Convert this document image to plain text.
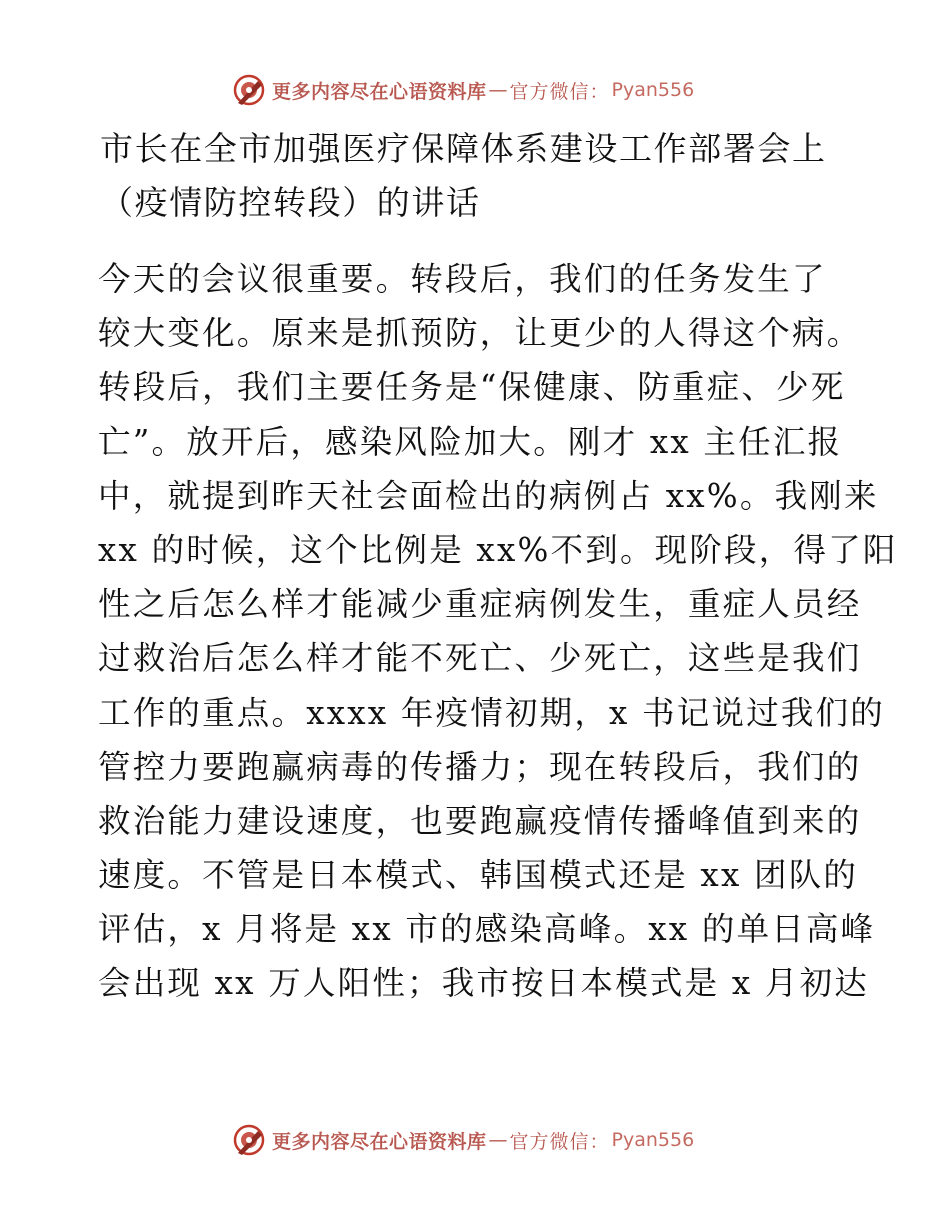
更多内容尽在心语资料库 — 官方微信： Pyan556
市长在全市加强医疗保障体系建设工作部署会上
（疫情防控转段）的讲话
今天的会议很重要。转段后，我们的任务发生了
较大变化。原来是抓预防，让更少的人得这个病。
转段后，我们主要任务是“保健康、防重症、少死
亡”。放开后，感染风险加大。刚才 xx 主任汇报
中，就提到昨天社会面检出的病例占 xx%。我刚来
xx 的时候，这个比例是 xx%不到。现阶段，得了阳
性之后怎么样才能减少重症病例发生，重症人员经
过救治后怎么样才能不死亡、少死亡，这些是我们
工作的重点。xxxx 年疫情初期，x 书记说过我们的
管控力要跑赢病毒的传播力；现在转段后，我们的
救治能力建设速度，也要跑赢疫情传播峰值到来的
速度。不管是日本模式、韩国模式还是 xx 团队的
评估，x 月将是 xx 市的感染高峰。xx 的单日高峰
会出现 xx 万人阳性；我市按日本模式是 x 月初达
更多内容尽在心语资料库 — 官方微信： Pyan556
